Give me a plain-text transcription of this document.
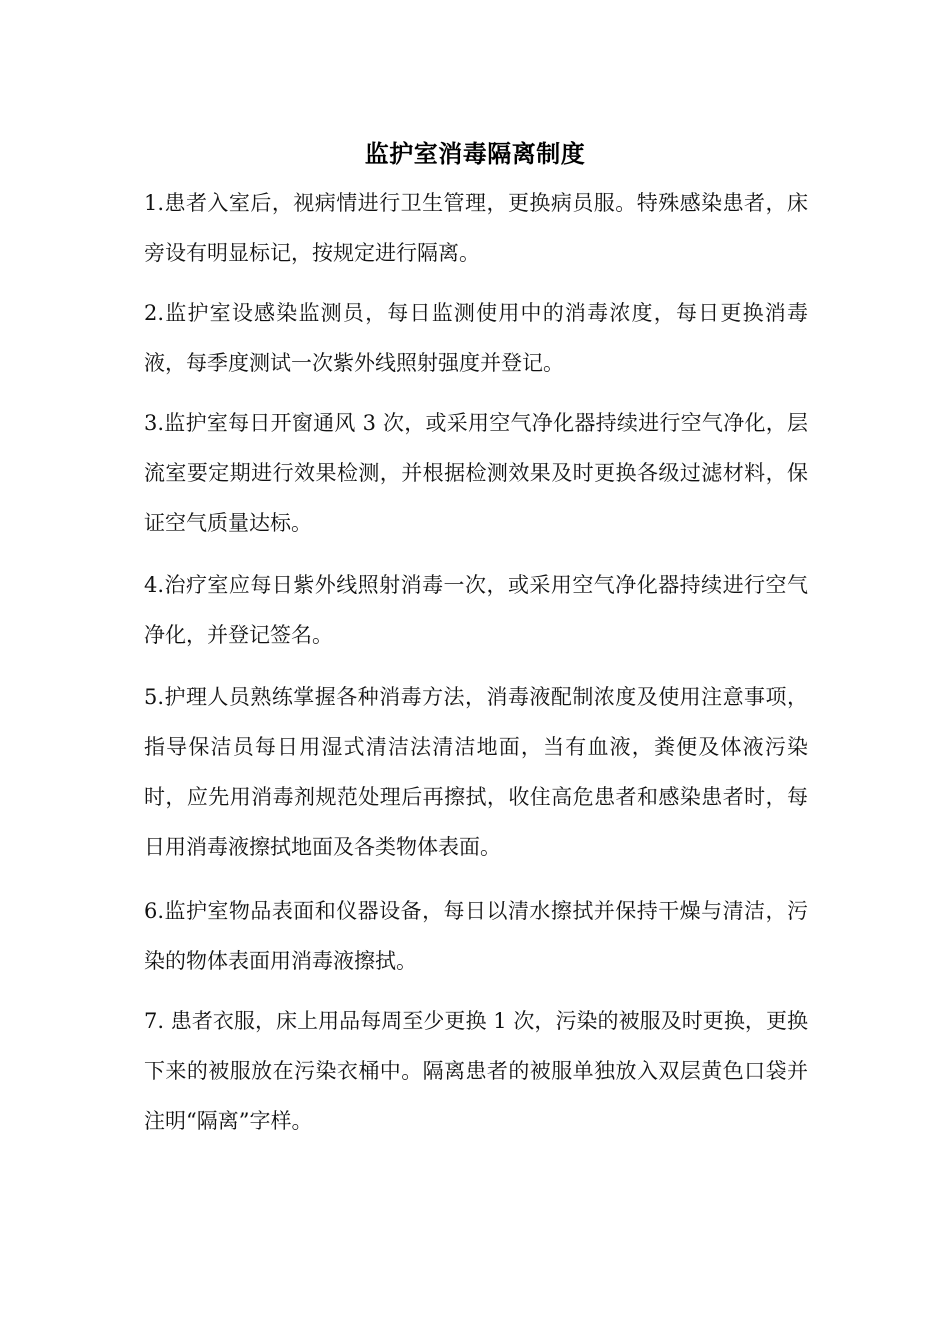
监护室消毒隔离制度

1.患者入室后，视病情进行卫生管理，更换病员服。特殊感染患者，床旁设有明显标记，按规定进行隔离。

2.监护室设感染监测员，每日监测使用中的消毒浓度，每日更换消毒液，每季度测试一次紫外线照射强度并登记。

3.监护室每日开窗通风 3 次，或采用空气净化器持续进行空气净化，层流室要定期进行效果检测，并根据检测效果及时更换各级过滤材料，保证空气质量达标。

4.治疗室应每日紫外线照射消毒一次，或采用空气净化器持续进行空气净化，并登记签名。

5.护理人员熟练掌握各种消毒方法，消毒液配制浓度及使用注意事项，指导保洁员每日用湿式清洁法清洁地面，当有血液，粪便及体液污染时，应先用消毒剂规范处理后再擦拭，收住高危患者和感染患者时，每日用消毒液擦拭地面及各类物体表面。

6.监护室物品表面和仪器设备，每日以清水擦拭并保持干燥与清洁，污染的物体表面用消毒液擦拭。

7. 患者衣服，床上用品每周至少更换 1 次，污染的被服及时更换，更换下来的被服放在污染衣桶中。隔离患者的被服单独放入双层黄色口袋并注明“隔离”字样。
